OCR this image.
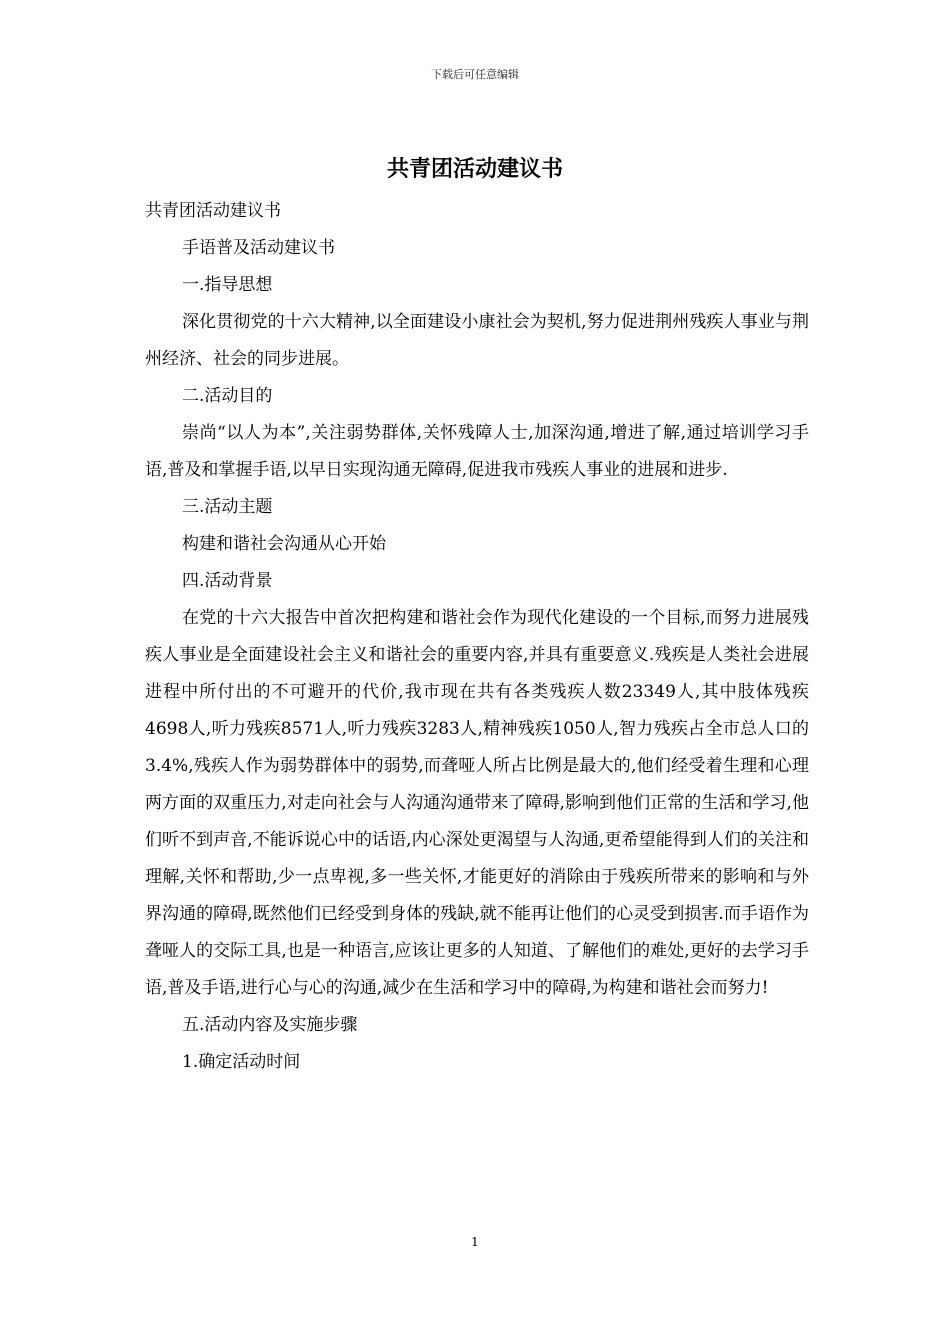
下载后可任意编辑
共青团活动建议书

共青团活动建议书

手语普及活动建议书

一.指导思想

深化贯彻党的十六大精神,以全面建设小康社会为契机,努力促进荆州残疾人事业与荆州经济、社会的同步进展。

二.活动目的

崇尚“以人为本”,关注弱势群体,关怀残障人士,加深沟通,增进了解,通过培训学习手语,普及和掌握手语,以早日实现沟通无障碍,促进我市残疾人事业的进展和进步.

三.活动主题

构建和谐社会沟通从心开始

四.活动背景

在党的十六大报告中首次把构建和谐社会作为现代化建设的一个目标,而努力进展残疾人事业是全面建设社会主义和谐社会的重要内容,并具有重要意义.残疾是人类社会进展进程中所付出的不可避开的代价,我市现在共有各类残疾人数23349人,其中肢体残疾4698人,听力残疾8571人,听力残疾3283人,精神残疾1050人,智力残疾占全市总人口的3.4%,残疾人作为弱势群体中的弱势,而聋哑人所占比例是最大的,他们经受着生理和心理两方面的双重压力,对走向社会与人沟通沟通带来了障碍,影响到他们正常的生活和学习,他们听不到声音,不能诉说心中的话语,内心深处更渴望与人沟通,更希望能得到人们的关注和理解,关怀和帮助,少一点卑视,多一些关怀,才能更好的消除由于残疾所带来的影响和与外界沟通的障碍,既然他们已经受到身体的残缺,就不能再让他们的心灵受到损害.而手语作为聋哑人的交际工具,也是一种语言,应该让更多的人知道、了解他们的难处,更好的去学习手语,普及手语,进行心与心的沟通,减少在生活和学习中的障碍,为构建和谐社会而努力!

五.活动内容及实施步骤

1.确定活动时间

1
